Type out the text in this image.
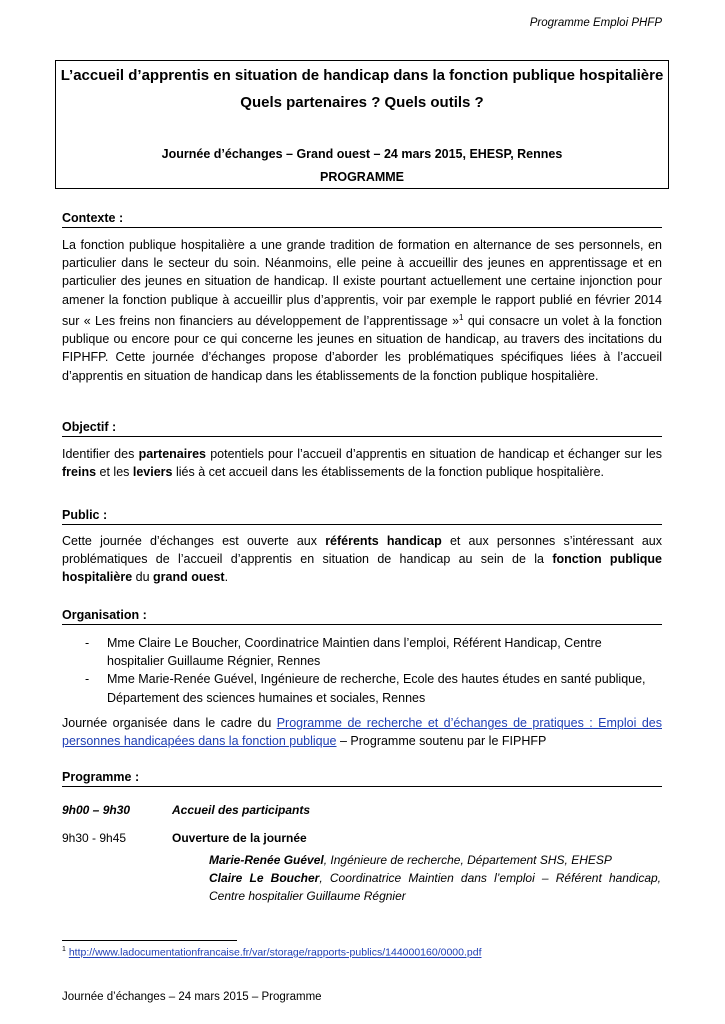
Programme Emploi PHFP
L’accueil d’apprentis en situation de handicap dans la fonction publique hospitalière
Quels partenaires ? Quels outils ?
Journée d’échanges – Grand ouest – 24 mars 2015, EHESP, Rennes
PROGRAMME
Contexte :
La fonction publique hospitalière a une grande tradition de formation en alternance de ses personnels, en particulier dans le secteur du soin. Néanmoins, elle peine à accueillir des jeunes en apprentissage et en particulier des jeunes en situation de handicap. Il existe pourtant actuellement une certaine injonction pour amener la fonction publique à accueillir plus d’apprentis, voir par exemple le rapport publié en février 2014 sur « Les freins non financiers au développement de l’apprentissage »$^1$ qui consacre un volet à la fonction publique ou encore pour ce qui concerne les jeunes en situation de handicap, au travers des incitations du FIPHFP. Cette journée d’échanges propose d’aborder les problématiques spécifiques liées à l’accueil d’apprentis en situation de handicap dans les établissements de la fonction publique hospitalière.
Objectif :
Identifier des partenaires potentiels pour l’accueil d’apprentis en situation de handicap et échanger sur les freins et les leviers liés à cet accueil dans les établissements de la fonction publique hospitalière.
Public :
Cette journée d’échanges est ouverte aux référents handicap et aux personnes s’intéressant aux problématiques de l’accueil d’apprentis en situation de handicap au sein de la fonction publique hospitalière du grand ouest.
Organisation :
- Mme Claire Le Boucher, Coordinatrice Maintien dans l’emploi, Référent Handicap, Centre hospitalier Guillaume Régnier, Rennes
- Mme Marie-Renée Guével, Ingénieure de recherche, Ecole des hautes études en santé publique, Département des sciences humaines et sociales, Rennes
Journée organisée dans le cadre du Programme de recherche et d’échanges de pratiques : Emploi des personnes handicapées dans la fonction publique – Programme soutenu par le FIPHFP
Programme :
9h00 – 9h30	Accueil des participants
9h30 - 9h45	Ouverture de la journée
Marie-Renée Guével, Ingénieure de recherche, Département SHS, EHESP
Claire Le Boucher, Coordinatrice Maintien dans l’emploi – Référent handicap, Centre hospitalier Guillaume Régnier
$^1$ http://www.ladocumentationfrancaise.fr/var/storage/rapports-publics/144000160/0000.pdf
Journée d’échanges – 24 mars 2015 – Programme
